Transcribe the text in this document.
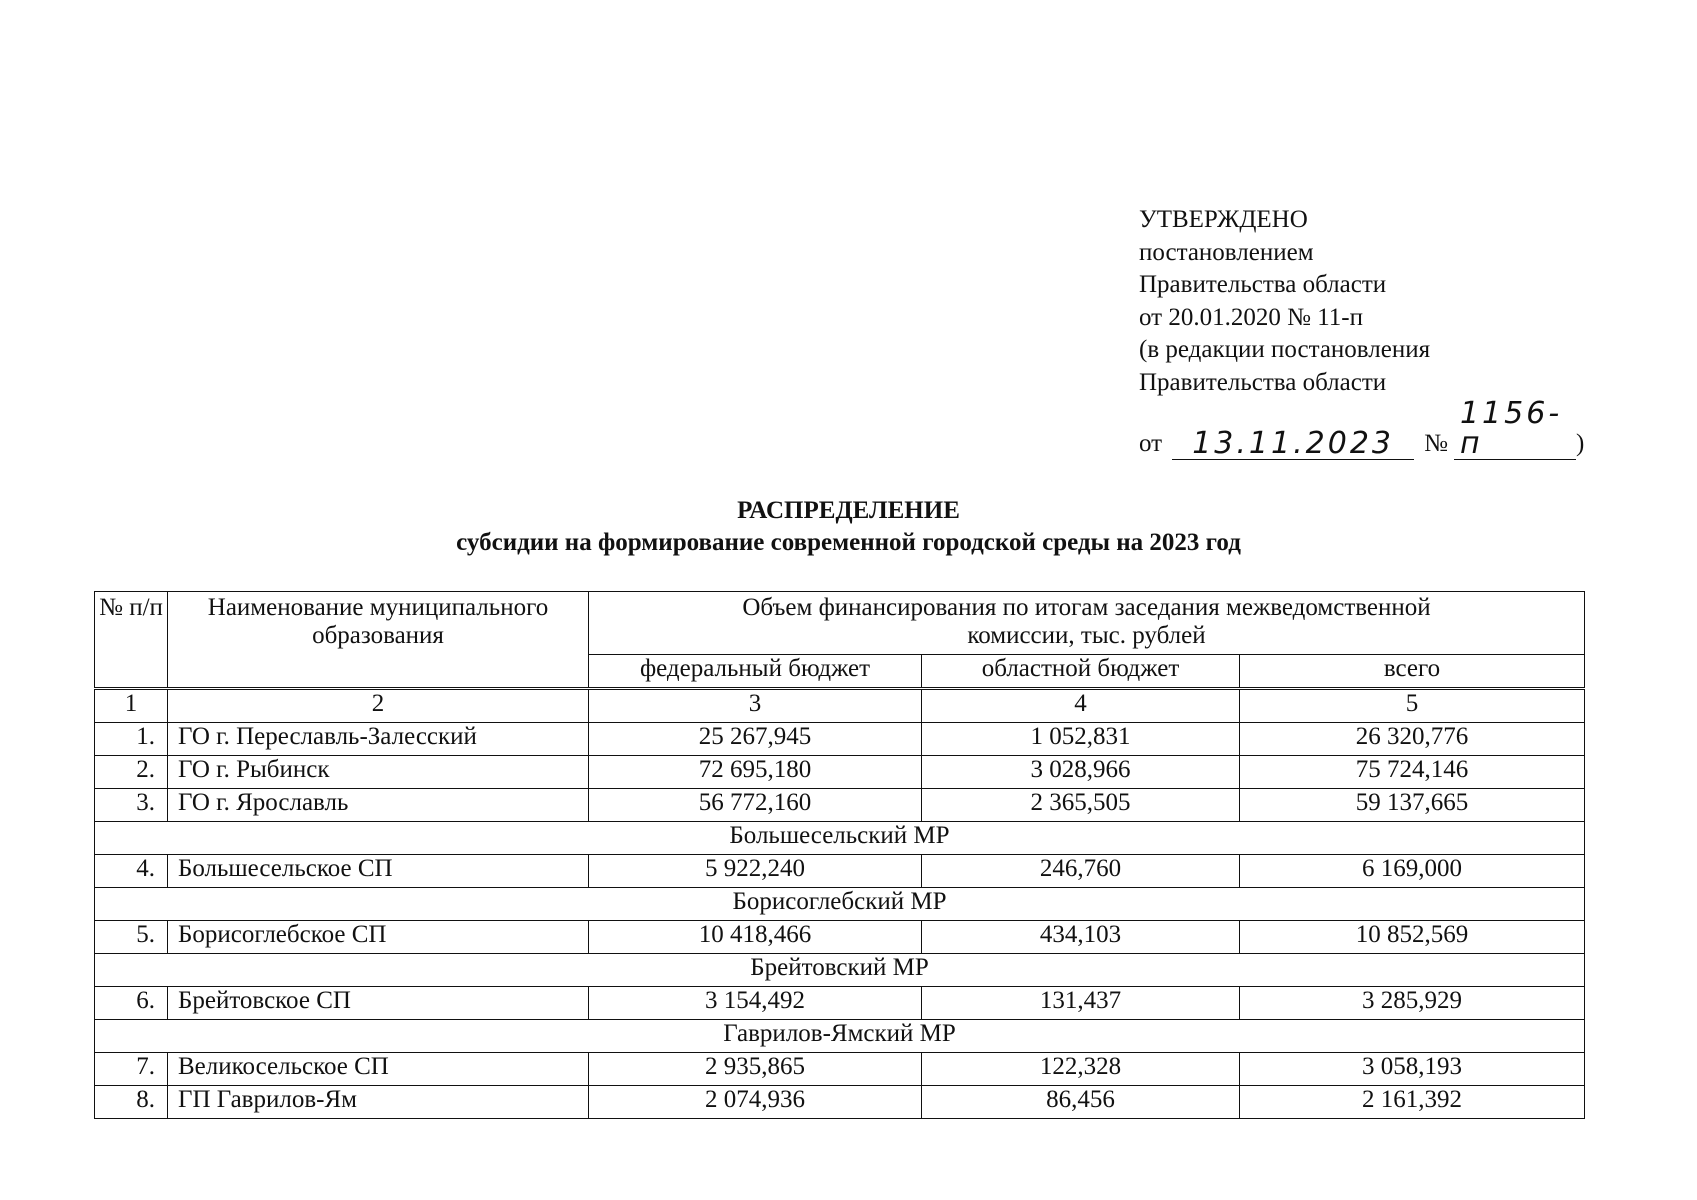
УТВЕРЖДЕНО
постановлением
Правительства области
от 20.01.2020 № 11-п
(в редакции постановления
Правительства области
от	13.11.2023	№
1156-п	)
РАСПРЕДЕЛЕНИЕ
субсидии на формирование современной городской среды на 2023 год
№ п/п	Наименование муниципального образования	Объем финансирования по итогам заседания межведомственной комиссии, тыс. рублей		
		федеральный бюджет	областной бюджет	всего
1	2	3	4	5
1.	ГО г. Переславль-Залесский	25 267,945	1 052,831	26 320,776
2.	ГО г. Рыбинск	72 695,180	3 028,966	75 724,146
3.	ГО г. Ярославль	56 772,160	2 365,505	59 137,665
Большесельский МР				
4.	Большесельское СП	5 922,240	246,760	6 169,000
Борисоглебский МР				
5.	Борисоглебское СП	10 418,466	434,103	10 852,569
Брейтовский МР				
6.	Брейтовское СП	3 154,492	131,437	3 285,929
Гаврилов-Ямский МР				
7.	Великосельское СП	2 935,865	122,328	3 058,193
8.	ГП Гаврилов-Ям	2 074,936	86,456	2 161,392
